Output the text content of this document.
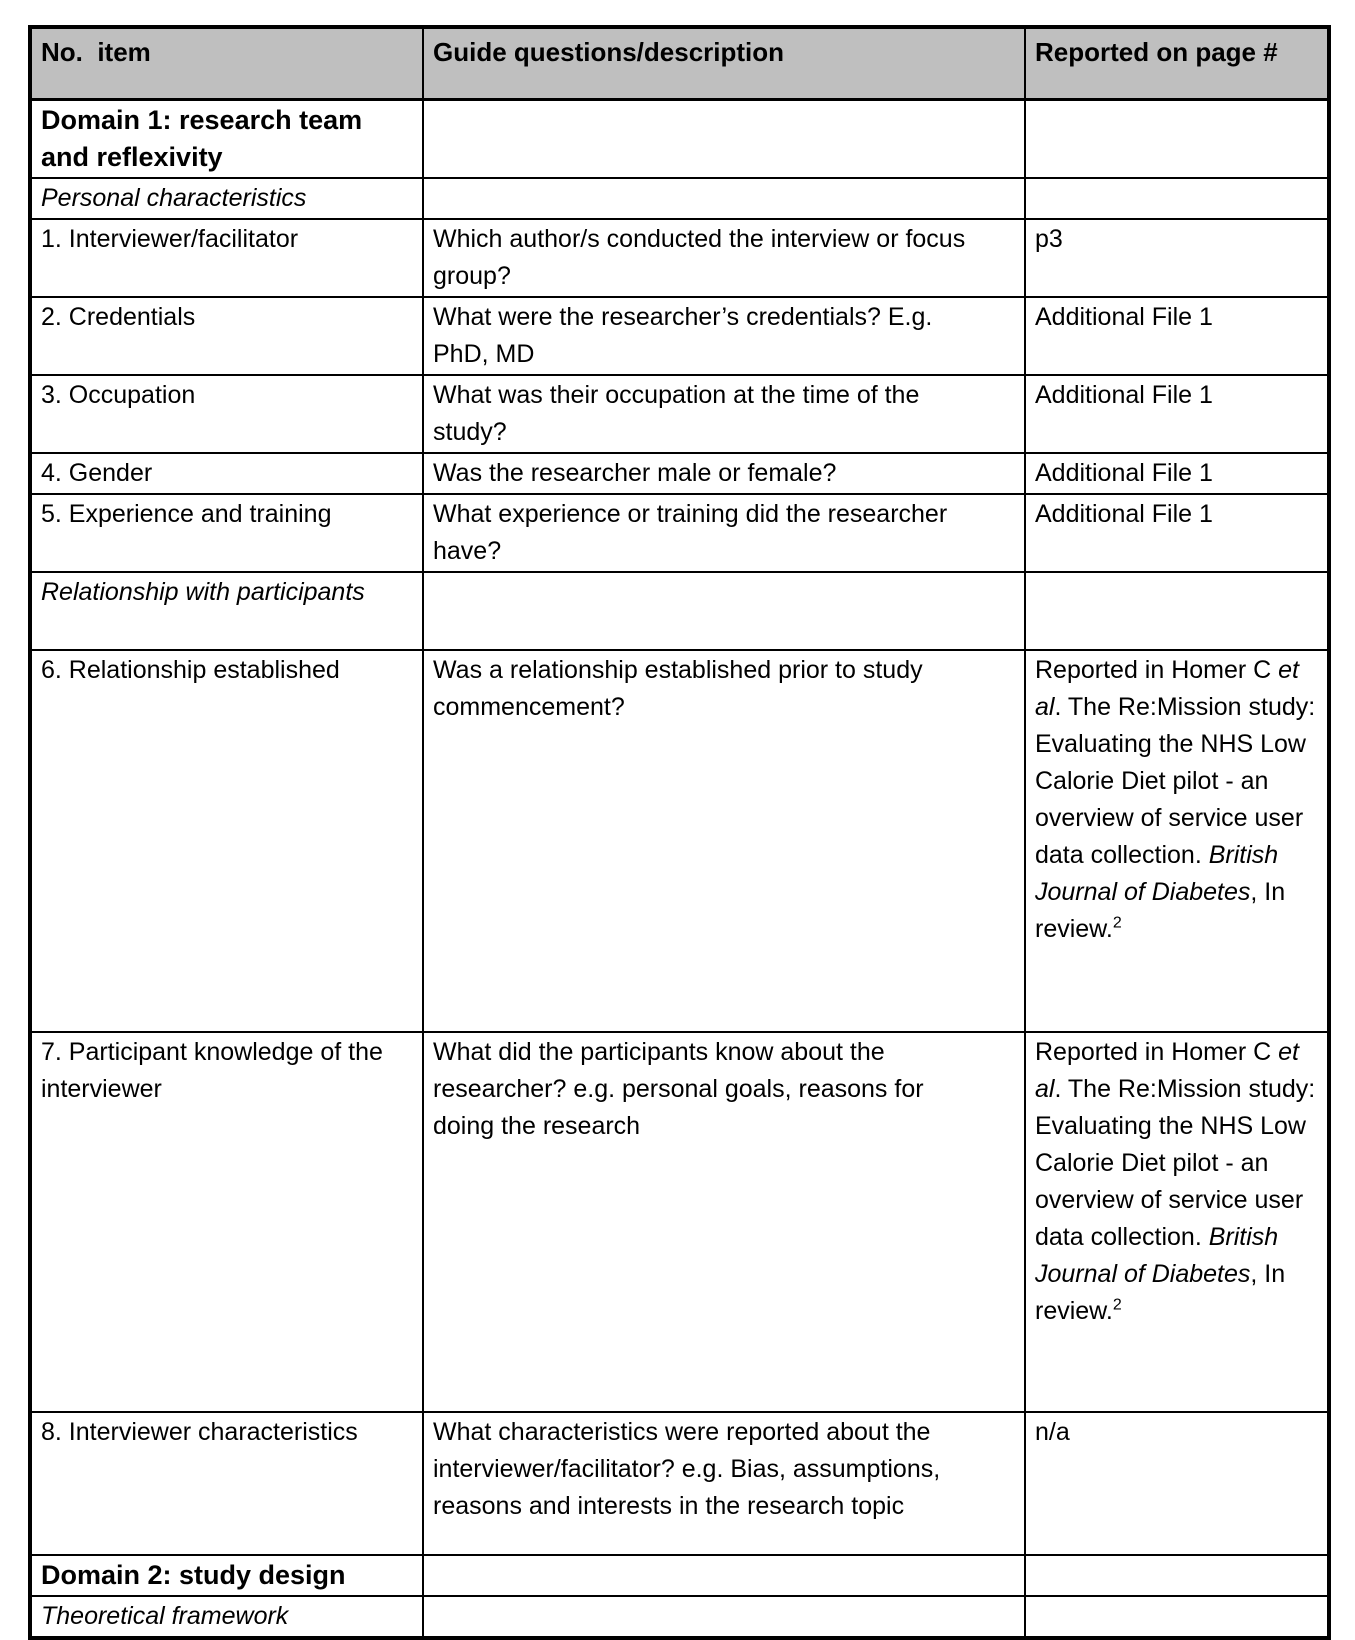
No.  item	Guide questions/description	Reported on page #
Domain 1: research team and reflexivity		
Personal characteristics		
1. Interviewer/facilitator	Which author/s conducted the interview or focus group?	p3
2. Credentials	What were the researcher’s credentials? E.g. PhD, MD	Additional File 1
3. Occupation	What was their occupation at the time of the study?	Additional File 1
4. Gender	Was the researcher male or female?	Additional File 1
5. Experience and training	What experience or training did the researcher have?	Additional File 1
Relationship with participants		
6. Relationship established	Was a relationship established prior to study commencement?	Reported in Homer C et al. The Re:Mission study: Evaluating the NHS Low Calorie Diet pilot - an overview of service user data collection. British Journal of Diabetes, In review.$^2$
7. Participant knowledge of the interviewer	What did the participants know about the researcher? e.g. personal goals, reasons for doing the research	Reported in Homer C et al. The Re:Mission study: Evaluating the NHS Low Calorie Diet pilot - an overview of service user data collection. British Journal of Diabetes, In review.$^2$
8. Interviewer characteristics	What characteristics were reported about the interviewer/facilitator? e.g. Bias, assumptions, reasons and interests in the research topic	n/a
Domain 2: study design		
Theoretical framework		
